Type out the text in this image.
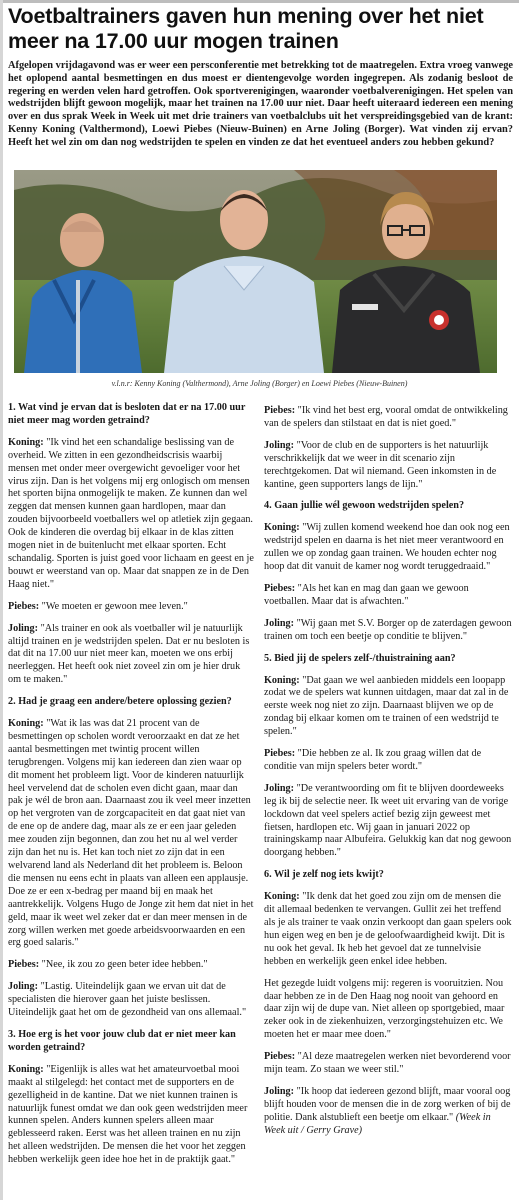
Voetbaltrainers gaven hun mening over het niet meer na 17.00 uur mogen trainen

Afgelopen vrijdagavond was er weer een persconferentie met betrekking tot de maatregelen. Extra vroeg vanwege het oplopend aantal besmettingen en dus moest er dientengevolge worden ingegrepen. Als zodanig besloot de regering en werden velen hard getroffen. Ook sportverenigingen, waaronder voetbalverenigingen. Het spelen van wedstrijden blijft gewoon mogelijk, maar het trainen na 17.00 uur niet. Daar heeft uiteraard iedereen een mening over en dus sprak Week in Week uit met drie trainers van voetbalclubs uit het verspreidingsgebied van de krant: Kenny Koning (Valthermond), Loewi Piebes (Nieuw-Buinen) en Arne Joling (Borger). Wat vinden zij ervan? Heeft het wel zin om dan nog wedstrijden te spelen en vinden ze dat het eventueel anders zou hebben gekund?

v.l.n.r: Kenny Koning (Valthermond), Arne Joling (Borger) en Loewi Piebes (Nieuw-Buinen)

1. Wat vind je ervan dat is besloten dat er na 17.00 uur niet meer mag worden getraind?

Koning: "Ik vind het een schandalige beslissing van de overheid. We zitten in een gezondheidscrisis waarbij mensen met onder meer overgewicht gevoeliger voor het virus zijn. Dan is het volgens mij erg onlogisch om mensen het sporten bijna onmogelijk te maken. Ze kunnen dan wel zeggen dat mensen kunnen gaan hardlopen, maar dan zouden bijvoorbeeld voetballers wel op atletiek zijn gegaan. Ook de kinderen die overdag bij elkaar in de klas zitten mogen niet in de buitenlucht met elkaar sporten. Echt schandalig. Sporten is juist goed voor lichaam en geest en je bouwt er weerstand van op. Maar dat snappen ze in de Den Haag niet."

Piebes: "We moeten er gewoon mee leven."

Joling: "Als trainer en ook als voetballer wil je natuurlijk altijd trainen en je wedstrijden spelen. Dat er nu besloten is dat dit na 17.00 uur niet meer kan, moeten we ons erbij neerleggen. Het heeft ook niet zoveel zin om je hier druk om te maken."

2. Had je graag een andere/betere oplossing gezien?

Koning: "Wat ik las was dat 21 procent van de besmettingen op scholen wordt veroorzaakt en dat ze het aantal besmettingen met twintig procent willen terugbrengen. Volgens mij kan iedereen dan zien waar op dit moment het probleem ligt. Voor de kinderen natuurlijk heel vervelend dat de scholen even dicht gaan, maar dan pak je wél de bron aan. Daarnaast zou ik veel meer inzetten op het vergroten van de zorgcapaciteit en dat gaat niet van de ene op de andere dag, maar als ze er een jaar geleden mee zouden zijn begonnen, dan zou het nu al wel verder zijn dan het nu is. Het kan toch niet zo zijn dat in een welvarend land als Nederland dit het probleem is. Beloon die mensen nu eens echt in plaats van alleen een applausje. Doe ze er een x-bedrag per maand bij en maak het aantrekkelijk. Volgens Hugo de Jonge zit hem dat niet in het geld, maar ik weet wel zeker dat er dan meer mensen in de zorg willen werken met goede arbeidsvoorwaarden en een erg goed salaris."

Piebes: "Nee, ik zou zo geen beter idee hebben."

Joling: "Lastig. Uiteindelijk gaan we ervan uit dat de specialisten die hierover gaan het juiste beslissen. Uiteindelijk gaat het om de gezondheid van ons allemaal."

3. Hoe erg is het voor jouw club dat er niet meer kan worden getraind?

Koning: "Eigenlijk is alles wat het amateurvoetbal mooi maakt al stilgelegd: het contact met de supporters en de gezelligheid in de kantine. Dat we niet kunnen trainen is natuurlijk funest omdat we dan ook geen wedstrijden meer kunnen spelen. Anders kunnen spelers alleen maar geblesseerd raken. Eerst was het alleen trainen en nu zijn het alleen wedstrijden. De mensen die het voor het zeggen hebben werkelijk geen idee hoe het in de praktijk gaat."

Piebes: "Ik vind het best erg, vooral omdat de ontwikkeling van de spelers dan stilstaat en dat is niet goed."

Joling: "Voor de club en de supporters is het natuurlijk verschrikkelijk dat we weer in dit scenario zijn terechtgekomen. Dat wil niemand. Geen inkomsten in de kantine, geen supporters langs de lijn."

4. Gaan jullie wél gewoon wedstrijden spelen?

Koning: "Wij zullen komend weekend hoe dan ook nog een wedstrijd spelen en daarna is het niet meer verantwoord en zullen we op zondag gaan trainen. We houden echter nog hoop dat dit vanuit de kamer nog wordt teruggedraaid."

Piebes: "Als het kan en mag dan gaan we gewoon voetballen. Maar dat is afwachten."

Joling: "Wij gaan met S.V. Borger op de zaterdagen gewoon trainen om toch een beetje op conditie te blijven."

5. Bied jij de spelers zelf-/thuistraining aan?

Koning: "Dat gaan we wel aanbieden middels een loopapp zodat we de spelers wat kunnen uitdagen, maar dat zal in de eerste week nog niet zo zijn. Daarnaast blijven we op de zondag bij elkaar komen om te trainen of een wedstrijd te spelen."

Piebes: "Die hebben ze al. Ik zou graag willen dat de conditie van mijn spelers beter wordt."

Joling: "De verantwoording om fit te blijven doordeweeks leg ik bij de selectie neer. Ik weet uit ervaring van de vorige lockdown dat veel spelers actief bezig zijn geweest met fietsen, hardlopen etc. Wij gaan in januari 2022 op trainingskamp naar Albufeira. Gelukkig kan dat nog gewoon doorgang hebben."

6. Wil je zelf nog iets kwijt?

Koning: "Ik denk dat het goed zou zijn om de mensen die dit allemaal bedenken te vervangen. Gullit zei het treffend als je als trainer te vaak onzin verkoopt dan gaan spelers ook hun eigen weg en ben je de geloofwaardigheid kwijt. Dit is nu ook het geval. Ik heb het gevoel dat ze tunnelvisie hebben en werkelijk geen enkel idee hebben.

Het gezegde luidt volgens mij: regeren is vooruitzien. Nou daar hebben ze in de Den Haag nog nooit van gehoord en daar zijn wij de dupe van. Niet alleen op sportgebied, maar zeker ook in de ziekenhuizen, verzorgingstehuizen etc. We moeten het er maar mee doen."

Piebes: "Al deze maatregelen werken niet bevorderend voor mijn team. Zo staan we weer stil."

Joling: "Ik hoop dat iedereen gezond blijft, maar vooral oog blijft houden voor de mensen die in de zorg werken of bij de politie. Dank alstublieft een beetje om elkaar." (Week in Week uit / Gerry Grave)
